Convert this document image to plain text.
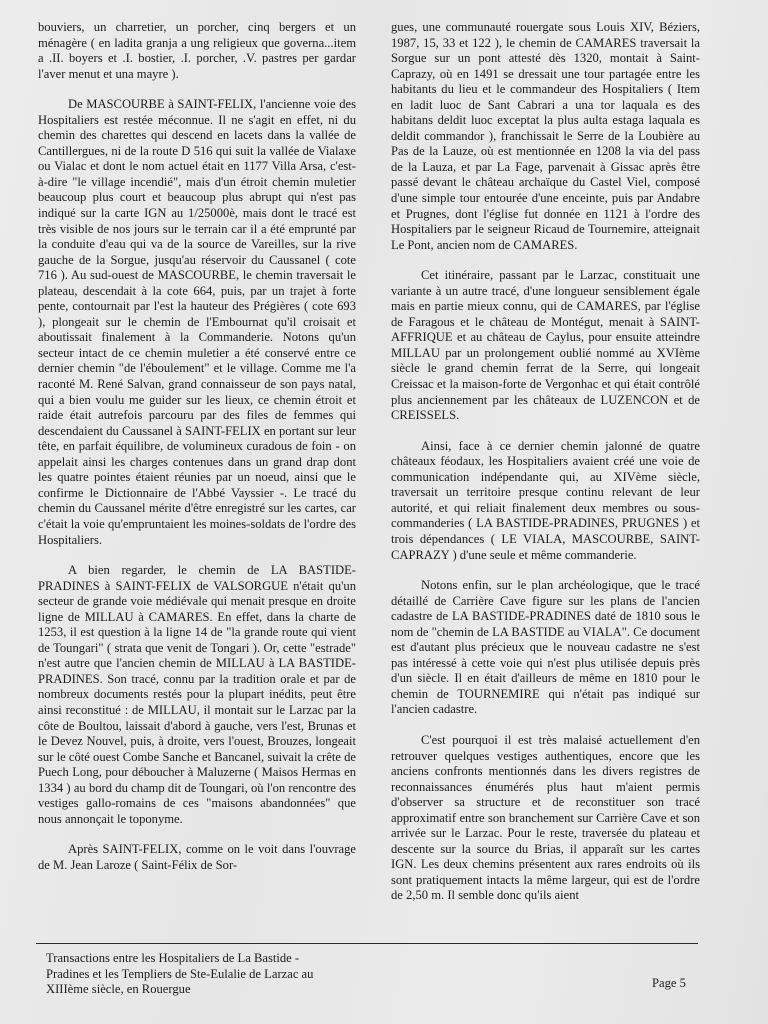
bouviers, un charretier, un porcher, cinq bergers et un ménagère ( en ladita granja a ung religieux que governa...item a .II. boyers et .I. bostier, .I. porcher, .V. pastres per gardar l'aver menut et una mayre ).

De MASCOURBE à SAINT-FELIX, l'ancienne voie des Hospitaliers est restée méconnue. Il ne s'agit en effet, ni du chemin des charettes qui descend en lacets dans la vallée de Cantillergues, ni de la route D 516 qui suit la vallée de Vialaxe ou Vialac et dont le nom actuel était en 1177 Villa Arsa, c'est-à-dire "le village incendié", mais d'un étroit chemin muletier beaucoup plus court et beaucoup plus abrupt qui n'est pas indiqué sur la carte IGN au 1/25000è, mais dont le tracé est très visible de nos jours sur le terrain car il a été emprunté par la conduite d'eau qui va de la source de Vareilles, sur la rive gauche de la Sorgue, jusqu'au réservoir du Caussanel ( cote 716 ). Au sud-ouest de MASCOURBE, le chemin traversait le plateau, descendait à la cote 664, puis, par un trajet à forte pente, contournait par l'est la hauteur des Prégières ( cote 693 ), plongeait sur le chemin de l'Embournat qu'il croisait et aboutissait finalement à la Commanderie. Notons qu'un secteur intact de ce chemin muletier a été conservé entre ce dernier chemin "de l'éboulement" et le village. Comme me l'a raconté M. René Salvan, grand connaisseur de son pays natal, qui a bien voulu me guider sur les lieux, ce chemin étroit et raide était autrefois parcouru par des files de femmes qui descendaient du Caussanel à SAINT-FELIX en portant sur leur tête, en parfait équilibre, de volumineux curadous de foin - on appelait ainsi les charges contenues dans un grand drap dont les quatre pointes étaient réunies par un noeud, ainsi que le confirme le Dictionnaire de l'Abbé Vayssier -. Le tracé du chemin du Caussanel mérite d'être enregistré sur les cartes, car c'était la voie qu'empruntaient les moines-soldats de l'ordre des Hospitaliers.

A bien regarder, le chemin de LA BASTIDE-PRADINES à SAINT-FELIX de VALSORGUE n'était qu'un secteur de grande voie médiévale qui menait presque en droite ligne de MILLAU à CAMARES. En effet, dans la charte de 1253, il est question à la ligne 14 de "la grande route qui vient de Toungari" ( strata que venit de Tongari ). Or, cette "estrade" n'est autre que l'ancien chemin de MILLAU à LA BASTIDE-PRADINES. Son tracé, connu par la tradition orale et par de nombreux documents restés pour la plupart inédits, peut être ainsi reconstitué : de MILLAU, il montait sur le Larzac par la côte de Boultou, laissait d'abord à gauche, vers l'est, Brunas et le Devez Nouvel, puis, à droite, vers l'ouest, Brouzes, longeait sur le côté ouest Combe Sanche et Bancanel, suivait la crête de Puech Long, pour déboucher à Maluzerne ( Maisos Hermas en 1334 ) au bord du champ dit de Toungari, où l'on rencontre des vestiges gallo-romains de ces "maisons abandonnées" que nous annonçait le toponyme.

Après SAINT-FELIX, comme on le voit dans l'ouvrage de M. Jean Laroze ( Saint-Félix de Sor-

gues, une communauté rouergate sous Louis XIV, Béziers, 1987, 15, 33 et 122 ), le chemin de CAMARES traversait la Sorgue sur un pont attesté dès 1320, montait à Saint-Caprazy, où en 1491 se dressait une tour partagée entre les habitants du lieu et le commandeur des Hospitaliers ( Item en ladit luoc de Sant Cabrari a una tor laquala es des habitans deldit luoc exceptat la plus aulta estaga laquala es deldit commandor ), franchissait le Serre de la Loubière au Pas de la Lauze, où est mentionnée en 1208 la via del pass de la Lauza, et par La Fage, parvenait à Gissac après être passé devant le château archaïque du Castel Viel, composé d'une simple tour entourée d'une enceinte, puis par Andabre et Prugnes, dont l'église fut donnée en 1121 à l'ordre des Hospitaliers par le seigneur Ricaud de Tournemire, atteignait Le Pont, ancien nom de CAMARES.

Cet itinéraire, passant par le Larzac, constituait une variante à un autre tracé, d'une longueur sensiblement égale mais en partie mieux connu, qui de CAMARES, par l'église de Faragous et le château de Montégut, menait à SAINT-AFFRIQUE et au château de Caylus, pour ensuite atteindre MILLAU par un prolongement oublié nommé au XVIème siècle le grand chemin ferrat de la Serre, qui longeait Creissac et la maison-forte de Vergonhac et qui était contrôlé plus anciennement par les châteaux de LUZENCON et de CREISSELS.

Ainsi, face à ce dernier chemin jalonné de quatre châteaux féodaux, les Hospitaliers avaient créé une voie de communication indépendante qui, au XIVème siècle, traversait un territoire presque continu relevant de leur autorité, et qui reliait finalement deux membres ou sous-commanderies ( LA BASTIDE-PRADINES, PRUGNES ) et trois dépendances ( LE VIALA, MASCOURBE, SAINT-CAPRAZY ) d'une seule et même commanderie.

Notons enfin, sur le plan archéologique, que le tracé détaillé de Carrière Cave figure sur les plans de l'ancien cadastre de LA BASTIDE-PRADINES daté de 1810 sous le nom de "chemin de LA BASTIDE au VIALA". Ce document est d'autant plus précieux que le nouveau cadastre ne s'est pas intéressé à cette voie qui n'est plus utilisée depuis près d'un siècle. Il en était d'ailleurs de même en 1810 pour le chemin de TOURNEMIRE qui n'était pas indiqué sur l'ancien cadastre.

C'est pourquoi il est très malaisé actuellement d'en retrouver quelques vestiges authentiques, encore que les anciens confronts mentionnés dans les divers registres de reconnaissances énumérés plus haut m'aient permis d'observer sa structure et de reconstituer son tracé approximatif entre son branchement sur Carrière Cave et son arrivée sur le Larzac. Pour le reste, traversée du plateau et descente sur la source du Brias, il apparaît sur les cartes IGN. Les deux chemins présentent aux rares endroits où ils sont pratiquement intacts la même largeur, qui est de l'ordre de 2,50 m. Il semble donc qu'ils aient

Transactions entre les Hospitaliers de La Bastide -
Pradines et les Templiers de Ste-Eulalie de Larzac au
XIIIème siècle, en Rouergue	Page 5
